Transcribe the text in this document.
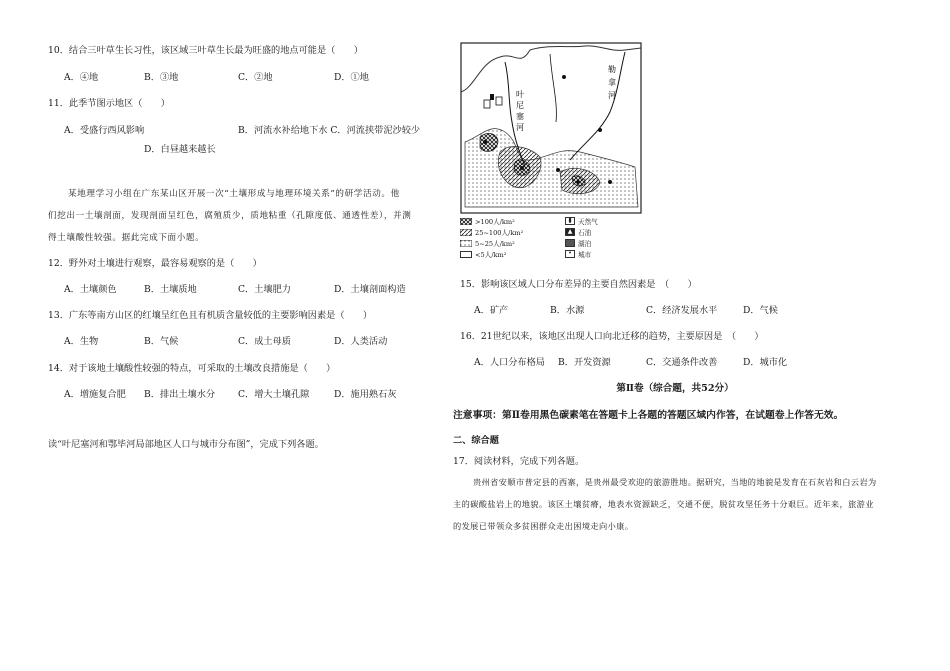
10．结合三叶草生长习性，该区域三叶草生长最为旺盛的地点可能是（　　）
A．④地	B．③地	C．②地	D．①地
11．此季节图示地区（　　）
A．受盛行西风影响	B．河流水补给地下水 C．河流挟带泥沙较少
D．白昼越来越长
某地理学习小组在广东某山区开展一次“土壤形成与地理环境关系”的研学活动。他
们挖出一土壤剖面，发现剖面呈红色，腐殖质少，质地粘重（孔隙度低、通透性差），并测
得土壤酸性较强。据此完成下面小题。
12．野外对土壤进行观察，最容易观察的是（　　）
A．土壤颜色	B．土壤质地	C．土壤肥力	D．土壤剖面构造
13．广东等南方山区的红壤呈红色且有机质含量较低的主要影响因素是（　　）
A．生物	B．气候	C．成土母质	D．人类活动
14．对于该地土壤酸性较强的特点，可采取的土壤改良措施是（　　）
A．增施复合肥 B．排出土壤水分 C．增大土壤孔隙	D．施用熟石灰
读“叶尼塞河和鄂毕河局部地区人口与城市分布图”，完成下列各题。
叶
尼
塞
河
勒
拿
河
>100人/km²
25~100人/km²
5~25人/km²
<5人/km²
▮ 天然气
▲ 石油
湖泊
• 城市
15．影响该区域人口分布差异的主要自然因素是　（　　）
A．矿产	B．水源	C．经济发展水平	D．气候
16．21世纪以来，该地区出现人口向北迁移的趋势，主要原因是　（　　）
A．人口分布格局 B．开发资源	C．交通条件改善	D．城市化
第Ⅱ卷（综合题，共52分）
注意事项：第Ⅱ卷用黑色碳素笔在答题卡上各题的答题区域内作答，在试题卷上作答无效。
二、综合题
17．阅读材料，完成下列各题。
贵州省安顺市普定县的西寨，是贵州最受欢迎的旅游胜地。据研究，当地的地貌是发育在石灰岩和白云岩为
主的碳酸盐岩上的地貌。该区土壤贫瘠，地表水资源缺乏，交通不便，脱贫攻坚任务十分艰巨。近年来，旅游业
的发展已带领众多贫困群众走出困境走向小康。
